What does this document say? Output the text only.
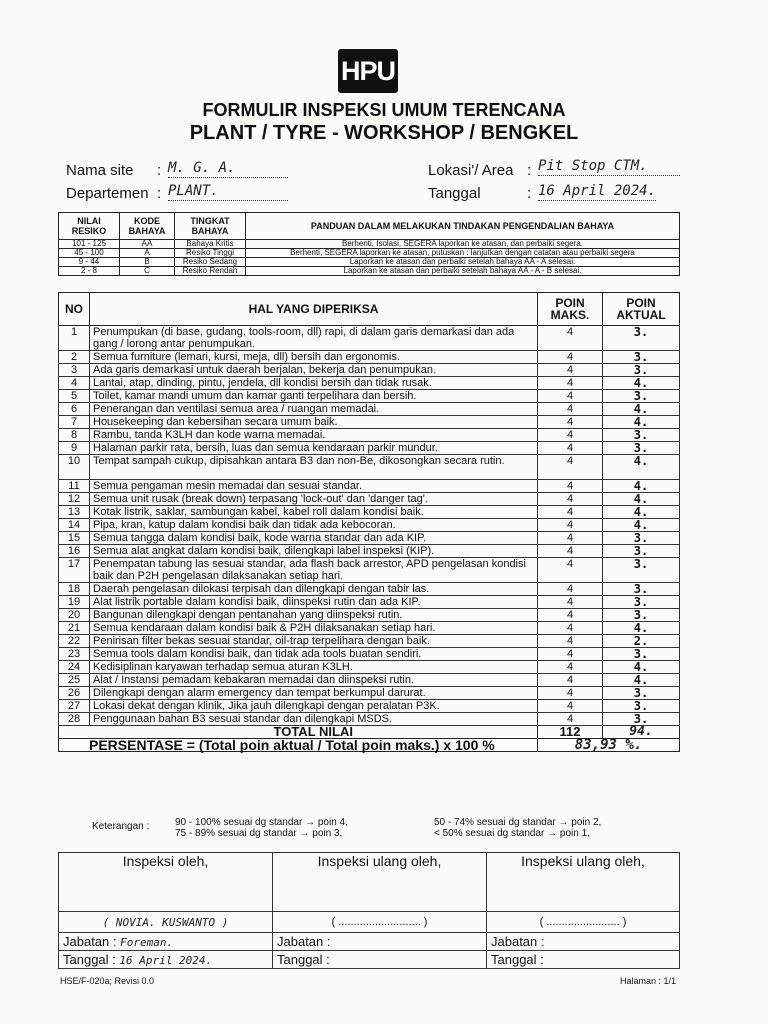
HPU
FORMULIR INSPEKSI UMUM TERENCANA
PLANT / TYRE - WORKSHOP / BENGKEL
Nama site : M. G. A.
Departemen : PLANT.
Lokasi'/ Area : Pit Stop CTM.
Tanggal	: 16 April 2024.
NILAI RESIKO	KODE BAHAYA	TINGKAT BAHAYA	PANDUAN DALAM MELAKUKAN TINDAKAN PENGENDALIAN BAHAYA
101 - 125	AA	Bahaya Kritis	Berhenti, Isolasi, SEGERA laporkan ke atasan, dan perbaiki segera.
45 - 100	A	Resiko Tinggi	Berhenti, SEGERA laporkan ke atasan, putuskan : lanjutkan dengan catatan atau perbaiki segera
9 - 44	B	Resiko Sedang	Laporkan ke atasan dan perbaiki setelah bahaya AA - A selesai.
2 - 8	C	Resiko Rendah	Laporkan ke atasan dan perbaiki setelah bahaya AA - A - B selesai.
NO	HAL YANG DIPERIKSA	POIN MAKS.	POIN AKTUAL
1	Penumpukan (di base, gudang, tools-room, dll) rapi, di dalam garis demarkasi dan ada gang / lorong antar penumpukan.	4	3.
2	Semua furniture (lemari, kursi, meja, dll) bersih dan ergonomis.	4	3.
3	Ada garis demarkasi untuk daerah berjalan, bekerja dan penumpukan.	4	3.
4	Lantai, atap, dinding, pintu, jendela, dll kondisi bersih dan tidak rusak.	4	4.
5	Toilet, kamar mandi umum dan kamar ganti terpelihara dan bersih.	4	3.
6	Penerangan dan ventilasi semua area / ruangan memadai.	4	4.
7	Housekeeping dan kebersihan secara umum baik.	4	4.
8	Rambu, tanda K3LH dan kode warna memadai.	4	3.
9	Halaman parkir rata, bersih, luas dan semua kendaraan parkir mundur.	4	3.
10	Tempat sampah cukup, dipisahkan antara B3 dan non-Be, dikosongkan secara rutin.	4	4.
11	Semua pengaman mesin memadai dan sesuai standar.	4	4.
12	Semua unit rusak (break down) terpasang 'lock-out' dan 'danger tag'.	4	4.
13	Kotak listrik, saklar, sambungan kabel, kabel roll dalam kondisi baik.	4	4.
14	Pipa, kran, katup dalam kondisi baik dan tidak ada kebocoran.	4	4.
15	Semua tangga dalam kondisi baik, kode warna standar dan ada KIP.	4	3.
16	Semua alat angkat dalam kondisi baik, dilengkapi label inspeksi (KIP).	4	3.
17	Penempatan tabung las sesuai standar, ada flash back arrestor, APD pengelasan kondisi baik dan P2H pengelasan dilaksanakan setiap hari.	4	3.
18	Daerah pengelasan dilokasi terpisah dan dilengkapi dengan tabir las.	4	3.
19	Alat listrik portable dalam kondisi baik, diinspeksi rutin dan ada KIP.	4	3.
20	Bangunan dilengkapi dengan pentanahan yang diinspeksi rutin.	4	3.
21	Semua kendaraan dalam kondisi baik & P2H dilaksanakan setiap hari.	4	4.
22	Penirisan filter bekas sesuai standar, oil-trap terpelihara dengan baik.	4	2.
23	Semua tools dalam kondisi baik, dan tidak ada tools buatan sendiri.	4	3.
24	Kedisiplinan karyawan terhadap semua aturan K3LH.	4	4.
25	Alat / Instansi pemadam kebakaran memadai dan diinspeksi rutin.	4	4.
26	Dilengkapi dengan alarm emergency dan tempat berkumpul darurat.	4	3.
27	Lokasi dekat dengan klinik, Jika jauh dilengkapi dengan peralatan P3K.	4	3.
28	Penggunaan bahan B3 sesuai standar dan dilengkapi MSDS.	4	3.
	TOTAL NILAI	112	94.
PERSENTASE = (Total poin aktual / Total poin maks.) x 100 %		83,93 %.	
Keterangan :	90 - 100% sesuai dg standar → poin 4,
75 - 89% sesuai dg standar → poin 3,
50 - 74% sesuai dg standar → poin 2,
< 50% sesuai dg standar → poin 1,
Inspeksi oleh,	Inspeksi ulang oleh,	Inspeksi ulang oleh,
( NOVIA. KUSWANTO )	( ........................... )	( ........................ )
Jabatan : Foreman.	Jabatan :	Jabatan :
Tanggal : 16 April 2024.	Tanggal :	Tanggal :
HSE/F-020a; Revisi 0.0	Halaman : 1/1
